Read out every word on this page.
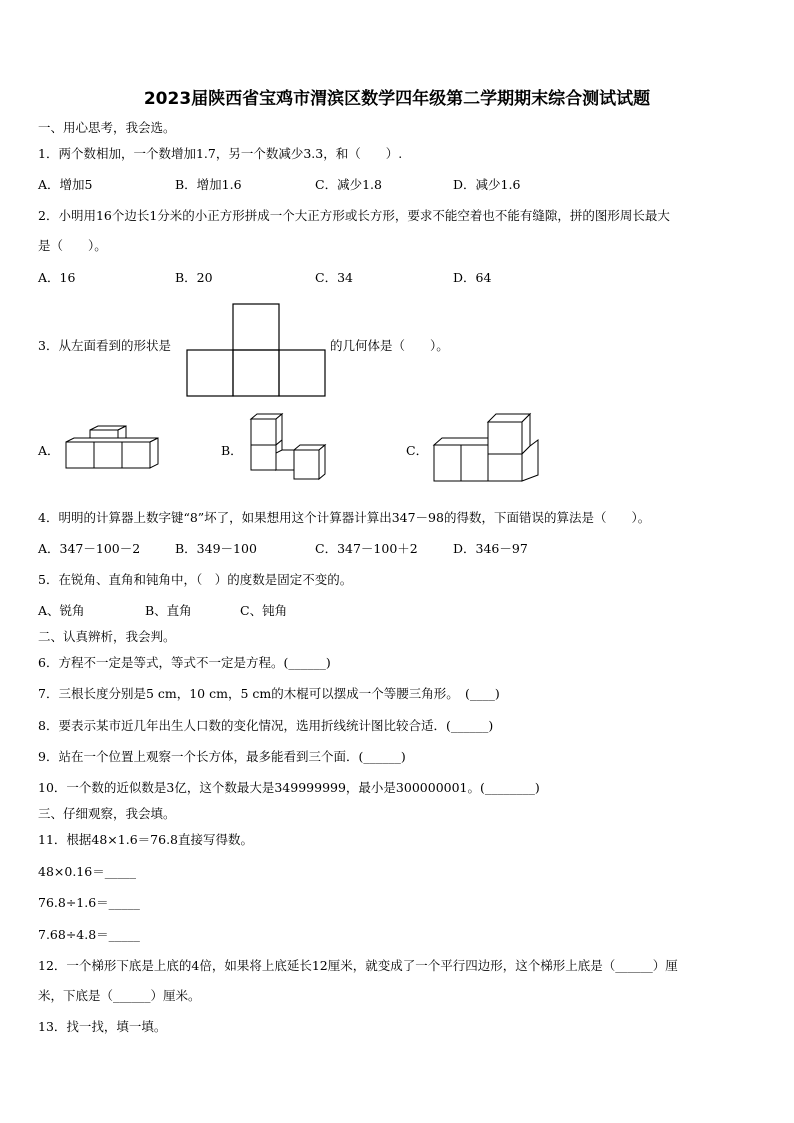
2023届陕西省宝鸡市渭滨区数学四年级第二学期期末综合测试试题
一、用心思考，我会选。
1．两个数相加，一个数增加1.7，另一个数减少3.3，和（　　）.
A．增加5	B．增加1.6	C．减少1.8	D．减少1.6
2．小明用16个边长1分米的小正方形拼成一个大正方形或长方形，要求不能空着也不能有缝隙，拼的图形周长最大
是（　　）。
A．16	B．20	C．34	D．64
3．从左面看到的形状是	的几何体是（　　）。
A．	B．	C．
4．明明的计算器上数字键“8”坏了，如果想用这个计算器计算出347－98的得数，下面错误的算法是（　　）。
A．347－100－2	B．349－100	C．347－100＋2	D．346－97
5．在锐角、直角和钝角中，（　）的度数是固定不变的。
A、锐角	B、直角	C、钝角
二、认真辨析，我会判。
6．方程不一定是等式，等式不一定是方程。(______)
7．三根长度分别是5 cm，10 cm，5 cm的木棍可以摆成一个等腰三角形。　(____)
8．要表示某市近几年出生人口数的变化情况，选用折线统计图比较合适．(______)
9．站在一个位置上观察一个长方体，最多能看到三个面．(______)
10．一个数的近似数是3亿，这个数最大是349999999，最小是300000001。(________)
三、仔细观察，我会填。
11．根据48×1.6＝76.8直接写得数。
48×0.16＝_____
76.8÷1.6＝_____
7.68÷4.8＝_____
12．一个梯形下底是上底的4倍，如果将上底延长12厘米，就变成了一个平行四边形，这个梯形上底是（______）厘
米，下底是（______）厘米。
13．找一找，填一填。
